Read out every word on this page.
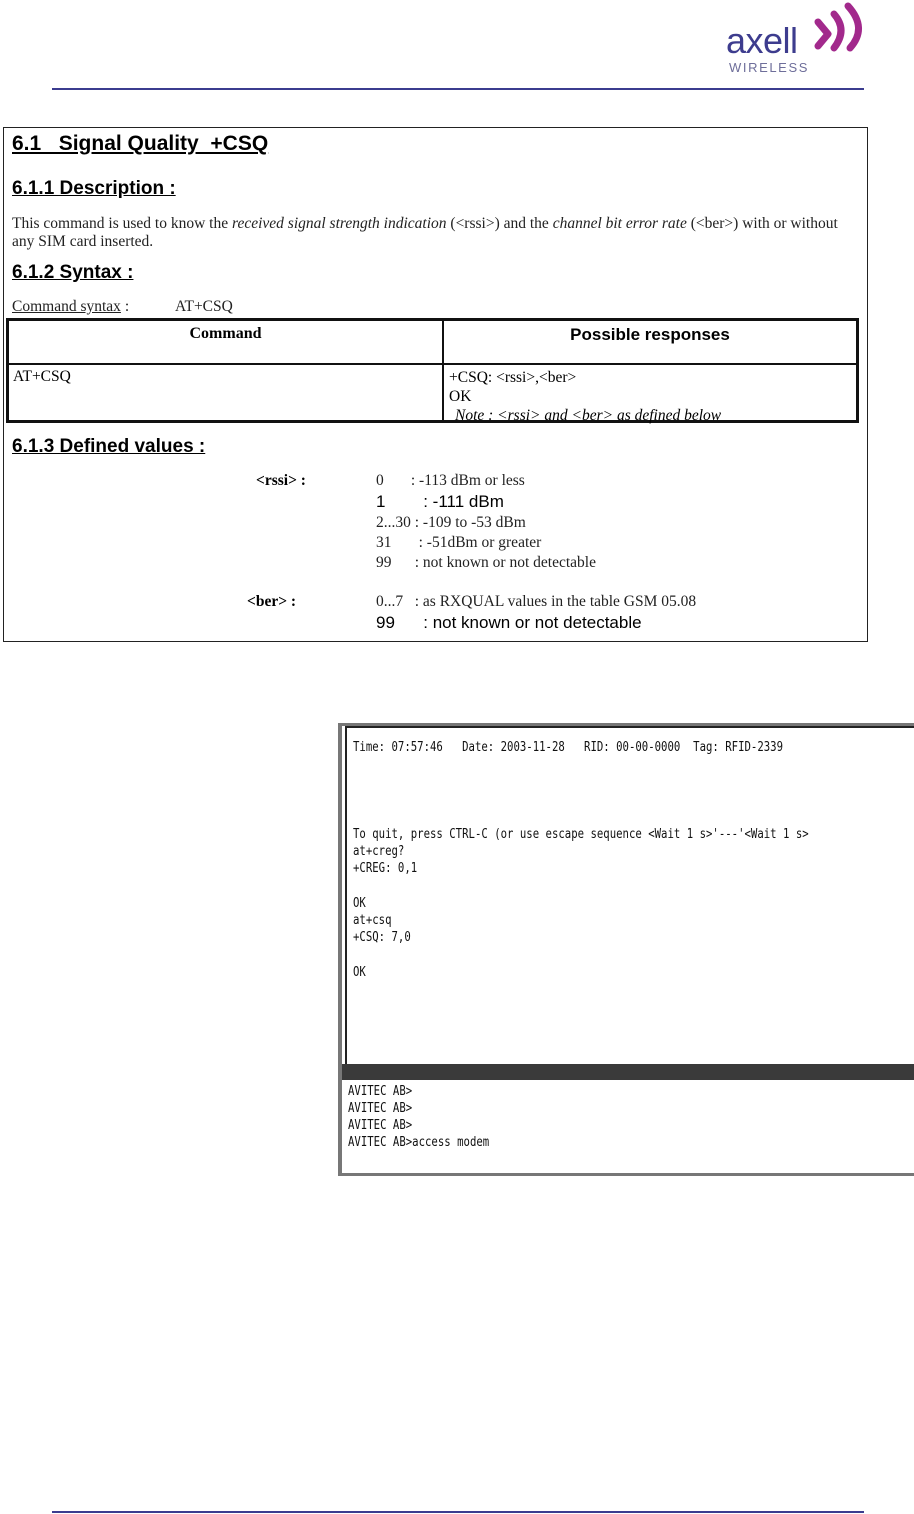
axell
WIRELESS
6.1   Signal Quality  +CSQ
6.1.1 Description :
This command is used to know the received signal strength indication (<rssi>) and the channel bit error rate (<ber>) with or without any SIM card inserted.
6.1.2 Syntax :
Command syntax :	AT+CSQ
Command	Possible responses
AT+CSQ	+CSQ: <rssi>,<ber>
OK
Note : <rssi> and <ber> as defined below
6.1.3 Defined values :
<rssi> :	0       : -113 dBm or less
1        : -111 dBm
2...30 : -109 to -53 dBm
31       : -51dBm or greater
99      : not known or not detectable
<ber> :	0...7   : as RXQUAL values in the table GSM 05.08
99      : not known or not detectable
Time: 07:57:46   Date: 2003-11-28   RID: 00-00-0000  Tag: RFID-2339
To quit, press CTRL-C (or use escape sequence <Wait 1 s>'---'<Wait 1 s>
at+creg?
+CREG: 0,1
OK
at+csq
+CSQ: 7,0
OK
AVITEC AB>
AVITEC AB>
AVITEC AB>
AVITEC AB>access modem
